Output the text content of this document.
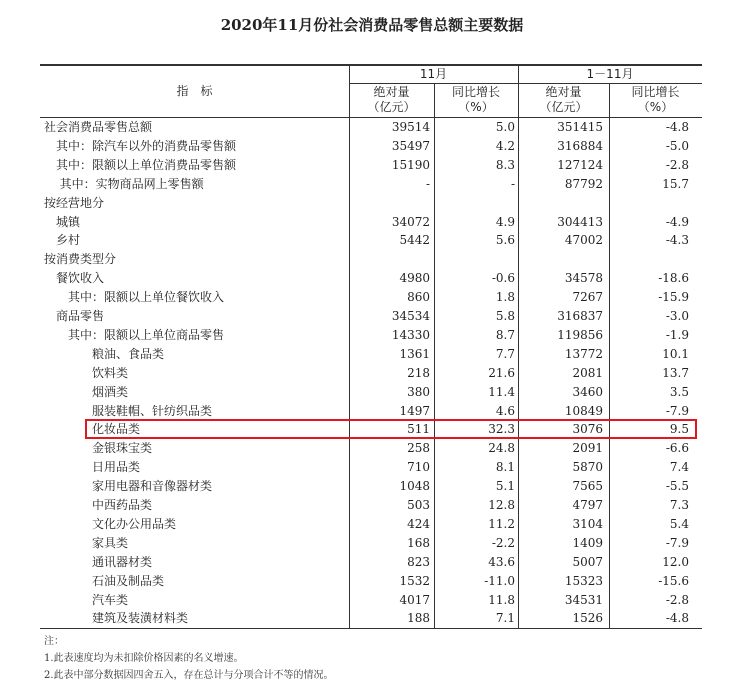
2020年11月份社会消费品零售总额主要数据
指　标
11月	1－11月
绝对量
（亿元）
同比增长
（%）
绝对量
（亿元）
同比增长
（%）
社会消费品零售总额	39514	5.0	351415	-4.8
其中：除汽车以外的消费品零售额	35497	4.2	316884	-5.0
其中：限额以上单位消费品零售额	15190	8.3	127124	-2.8
其中：实物商品网上零售额	-	-	87792	15.7
按经营地分
城镇	34072	4.9	304413	-4.9
乡村	5442	5.6	47002	-4.3
按消费类型分
餐饮收入	4980	-0.6	34578	-18.6
其中：限额以上单位餐饮收入	860	1.8	7267	-15.9
商品零售	34534	5.8	316837	-3.0
其中：限额以上单位商品零售	14330	8.7	119856	-1.9
粮油、食品类	1361	7.7	13772	10.1
饮料类	218	21.6	2081	13.7
烟酒类	380	11.4	3460	3.5
服装鞋帽、针纺织品类	1497	4.6	10849	-7.9
化妆品类	511	32.3	3076	9.5
金银珠宝类	258	24.8	2091	-6.6
日用品类	710	8.1	5870	7.4
家用电器和音像器材类	1048	5.1	7565	-5.5
中西药品类	503	12.8	4797	7.3
文化办公用品类	424	11.2	3104	5.4
家具类	168	-2.2	1409	-7.9
通讯器材类	823	43.6	5007	12.0
石油及制品类	1532	-11.0	15323	-15.6
汽车类	4017	11.8	34531	-2.8
建筑及装潢材料类	188	7.1	1526	-4.8
注：
1.此表速度均为未扣除价格因素的名义增速。
2.此表中部分数据因四舍五入，存在总计与分项合计不等的情况。
